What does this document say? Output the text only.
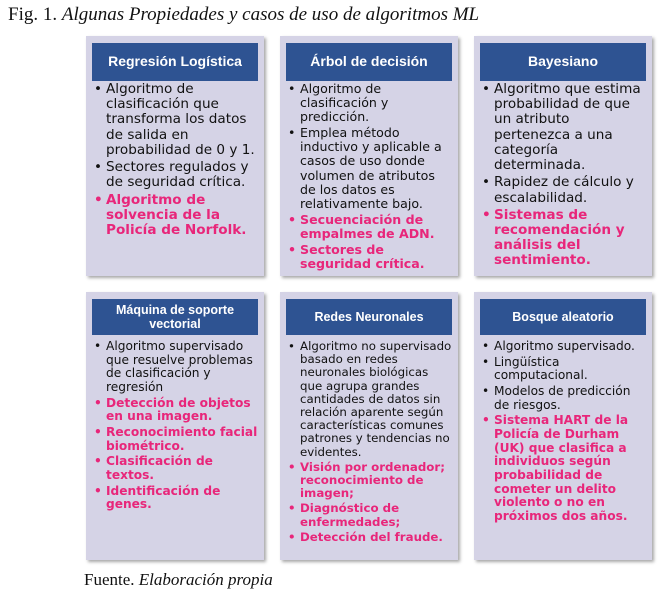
Fig. 1. Algunas Propiedades y casos de uso de algoritmos ML
Regresión Logística
• Algoritmo de clasificación que transforma los datos de salida en probabilidad de 0 y 1.
• Sectores regulados y de seguridad crítica.
• Algoritmo de solvencia de la Policía de Norfolk.
Árbol de decisión
• Algoritmo de clasificación y predicción.
• Emplea método inductivo y aplicable a casos de uso donde volumen de atributos de los datos es relativamente bajo.
• Secuenciación de empalmes de ADN.
• Sectores de seguridad crítica.
Bayesiano
• Algoritmo que estima probabilidad de que un atributo pertenezca a una categoría determinada.
• Rapidez de cálculo y escalabilidad.
• Sistemas de recomendación y análisis del sentimiento.
Máquina de soporte vectorial
• Algoritmo supervisado que resuelve problemas de clasificación y regresión
• Detección de objetos en una imagen.
• Reconocimiento facial biométrico.
• Clasificación de textos.
• Identificación de genes.
Redes Neuronales
• Algoritmo no supervisado basado en redes neuronales biológicas que agrupa grandes cantidades de datos sin relación aparente según características comunes patrones y tendencias no evidentes.
• Visión por ordenador; reconocimiento de imagen;
• Diagnóstico de enfermedades;
• Detección del fraude.
Bosque aleatorio
• Algoritmo supervisado.
• Lingüística computacional.
• Modelos de predicción de riesgos.
• Sistema HART de la Policía de Durham (UK) que clasifica a individuos según probabilidad de cometer un delito violento o no en próximos dos años.
Fuente. Elaboración propia
